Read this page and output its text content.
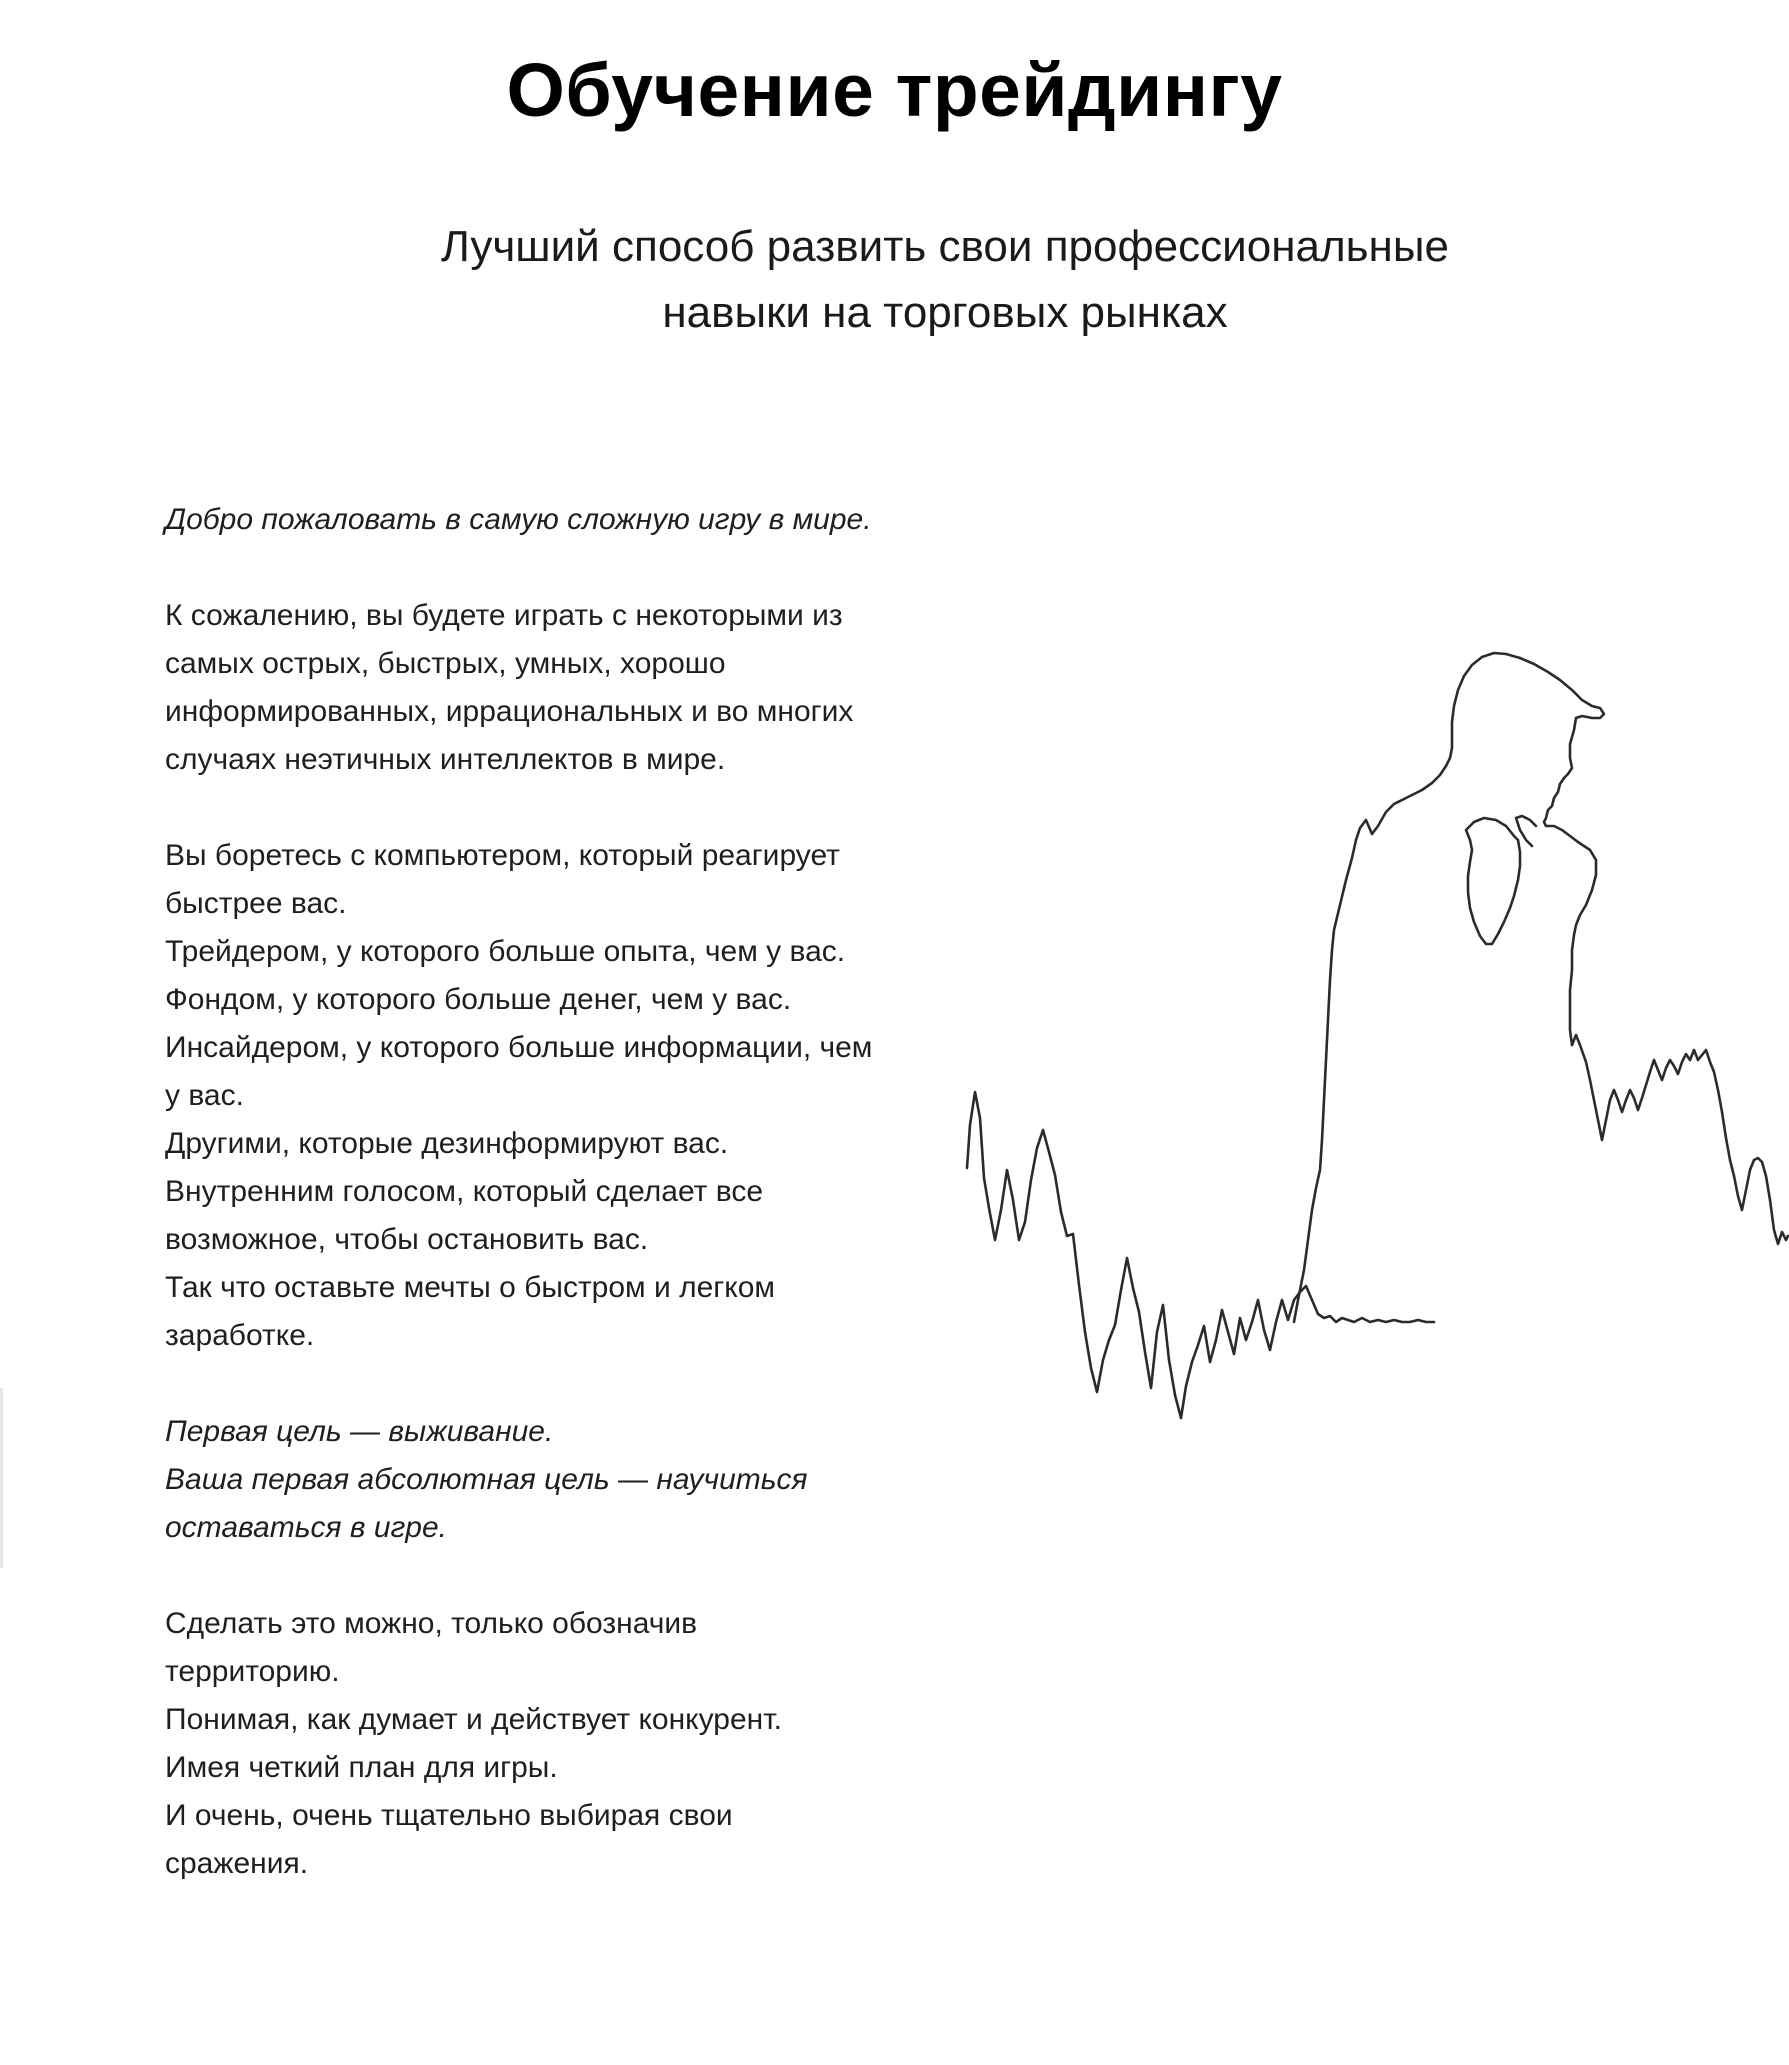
Обучение трейдингу
Лучший способ развить свои профессиональные
навыки на торговых рынках

Добро пожаловать в самую сложную игру в мире.

К сожалению, вы будете играть с некоторыми из
самых острых, быстрых, умных, хорошо
информированных, иррациональных и во многих
случаях неэтичных интеллектов в мире.

Вы боретесь с компьютером, который реагирует
быстрее вас.
Трейдером, у которого больше опыта, чем у вас.
Фондом, у которого больше денег, чем у вас.
Инсайдером, у которого больше информации, чем
у вас.
Другими, которые дезинформируют вас.
Внутренним голосом, который сделает все
возможное, чтобы остановить вас.
Так что оставьте мечты о быстром и легком
заработке.

Первая цель — выживание.
Ваша первая абсолютная цель — научиться
оставаться в игре.

Сделать это можно, только обозначив
территорию.
Понимая, как думает и действует конкурент.
Имея четкий план для игры.
И очень, очень тщательно выбирая свои
сражения.
